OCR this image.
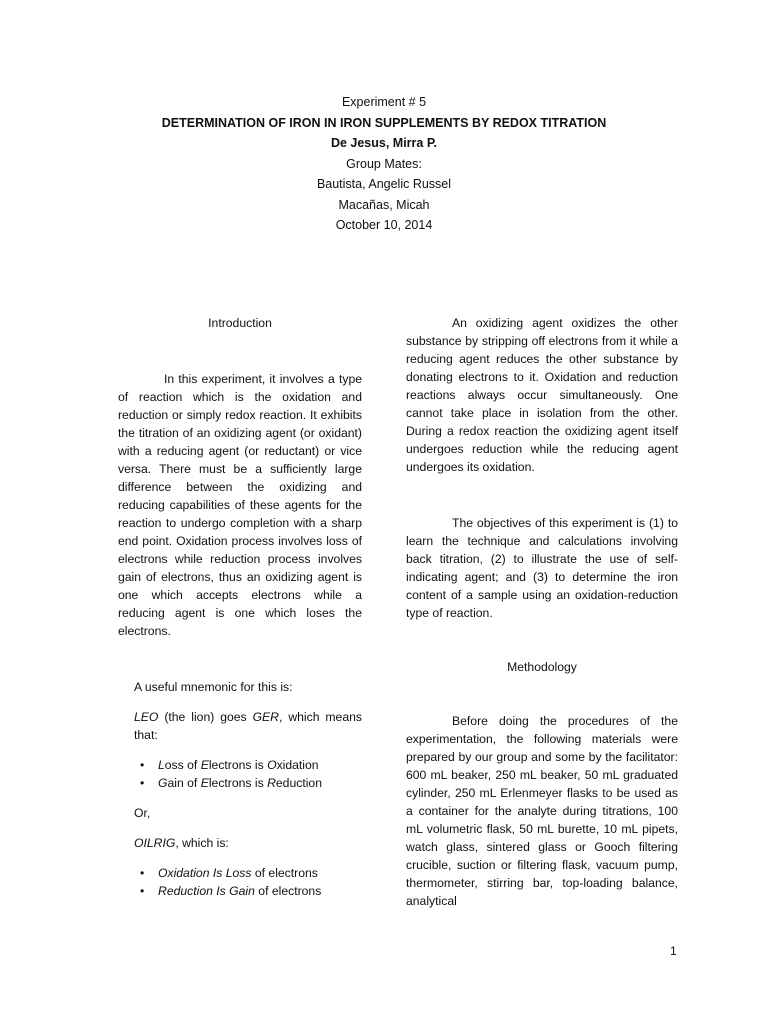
Experiment # 5
DETERMINATION OF IRON IN IRON SUPPLEMENTS BY REDOX TITRATION
De Jesus, Mirra P.
Group Mates:
Bautista, Angelic Russel
Macañas, Micah
October 10, 2014
Introduction

In this experiment, it involves a type of reaction which is the oxidation and reduction or simply redox reaction. It exhibits the titration of an oxidizing agent (or oxidant) with a reducing agent (or reductant) or vice versa. There must be a sufficiently large difference between the oxidizing and reducing capabilities of these agents for the reaction to undergo completion with a sharp end point. Oxidation process involves loss of electrons while reduction process involves gain of electrons, thus an oxidizing agent is one which accepts electrons while a reducing agent is one which loses the electrons.

A useful mnemonic for this is:

LEO (the lion) goes GER, which means that:

• Loss of Electrons is Oxidation
• Gain of Electrons is Reduction
Or,

OILRIG, which is:

• Oxidation Is Loss of electrons
• Reduction Is Gain of electrons

An oxidizing agent oxidizes the other substance by stripping off electrons from it while a reducing agent reduces the other substance by donating electrons to it. Oxidation and reduction reactions always occur simultaneously. One cannot take place in isolation from the other. During a redox reaction the oxidizing agent itself undergoes reduction while the reducing agent undergoes its oxidation.

The objectives of this experiment is (1) to learn the technique and calculations involving back titration, (2) to illustrate the use of self-indicating agent; and (3) to determine the iron content of a sample using an oxidation-reduction type of reaction.

Methodology

Before doing the procedures of the experimentation, the following materials were prepared by our group and some by the facilitator: 600 mL beaker, 250 mL beaker, 50 mL graduated cylinder, 250 mL Erlenmeyer flasks to be used as a container for the analyte during titrations, 100 mL volumetric flask, 50 mL burette, 10 mL pipets, watch glass, sintered glass or Gooch filtering crucible, suction or filtering flask, vacuum pump, thermometer, stirring bar, top-loading balance, analytical

1
